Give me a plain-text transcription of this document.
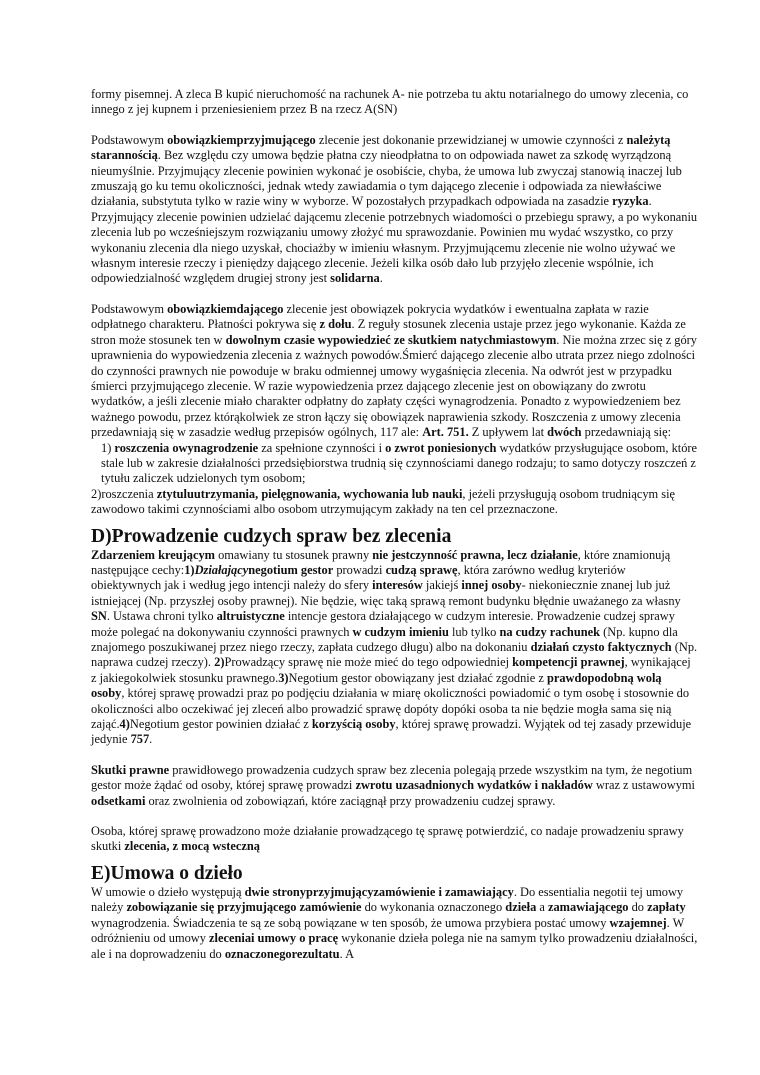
formy pisemnej. A zleca B kupić nieruchomość na rachunek A- nie potrzeba tu aktu notarialnego do umowy zlecenia, co innego z jej kupnem i przeniesieniem przez B na rzecz A(SN)

Podstawowym obowiązkiemprzyjmującego zlecenie jest dokonanie przewidzianej w umowie czynności z należytą starannością. Bez względu czy umowa będzie płatna czy nieodpłatna to on odpowiada nawet za szkodę wyrządzoną nieumyślnie. Przyjmujący zlecenie powinien wykonać je osobiście, chyba, że umowa lub zwyczaj stanowią inaczej lub zmuszają go ku temu okoliczności, jednak wtedy zawiadamia o tym dającego zlecenie i odpowiada za niewłaściwe działania, substytuta tylko w razie winy w wyborze. W pozostałych przypadkach odpowiada na zasadzie ryzyka. Przyjmujący zlecenie powinien udzielać dającemu zlecenie potrzebnych wiadomości o przebiegu sprawy, a po wykonaniu zlecenia lub po wcześniejszym rozwiązaniu umowy złożyć mu sprawozdanie. Powinien mu wydać wszystko, co przy wykonaniu zlecenia dla niego uzyskał, chociażby w imieniu własnym. Przyjmującemu zlecenie nie wolno używać we własnym interesie rzeczy i pieniędzy dającego zlecenie. Jeżeli kilka osób dało lub przyjęło zlecenie wspólnie, ich odpowiedzialność względem drugiej strony jest solidarna.

Podstawowym obowiązkiemdającego zlecenie jest obowiązek pokrycia wydatków i ewentualna zapłata w razie odpłatnego charakteru. Płatności pokrywa się z dołu. Z reguły stosunek zlecenia ustaje przez jego wykonanie. Każda ze stron może stosunek ten w dowolnym czasie wypowiedzieć ze skutkiem natychmiastowym. Nie można zrzec się z góry uprawnienia do wypowiedzenia zlecenia z ważnych powodów.Śmierć dającego zlecenie albo utrata przez niego zdolności do czynności prawnych nie powoduje w braku odmiennej umowy wygaśnięcia zlecenia. Na odwrót jest w przypadku śmierci przyjmującego zlecenie. W razie wypowiedzenia przez dającego zlecenie jest on obowiązany do zwrotu wydatków, a jeśli zlecenie miało charakter odpłatny do zapłaty części wynagrodzenia. Ponadto z wypowiedzeniem bez ważnego powodu, przez którąkolwiek ze stron łączy się obowiązek naprawienia szkody. Roszczenia z umowy zlecenia przedawniają się w zasadzie według przepisów ogólnych, 117 ale: Art. 751. Z upływem lat dwóch przedawniają się:

1) roszczenia owynagrodzenie za spełnione czynności i o zwrot poniesionych wydatków przysługujące osobom, które stale lub w zakresie działalności przedsiębiorstwa trudnią się czynnościami danego rodzaju; to samo dotyczy roszczeń z tytułu zaliczek udzielonych tym osobom;

2)roszczenia ztytuluutrzymania, pielęgnowania, wychowania lub nauki, jeżeli przysługują osobom trudniącym się zawodowo takimi czynnościami albo osobom utrzymującym zakłady na ten cel przeznaczone.

D)Prowadzenie cudzych spraw bez zlecenia

Zdarzeniem kreującym omawiany tu stosunek prawny nie jestczynność prawna, lecz działanie, które znamionują następujące cechy:1)Działającynegotium gestor prowadzi cudzą sprawę, która zarówno według kryteriów obiektywnych jak i według jego intencji należy do sfery interesów jakiejś innej osoby- niekoniecznie znanej lub już istniejącej (Np. przyszłej osoby prawnej). Nie będzie, więc taką sprawą remont budynku błędnie uważanego za własny SN. Ustawa chroni tylko altruistyczne intencje gestora działającego w cudzym interesie. Prowadzenie cudzej sprawy może polegać na dokonywaniu czynności prawnych w cudzym imieniu lub tylko na cudzy rachunek (Np. kupno dla znajomego poszukiwanej przez niego rzeczy, zapłata cudzego długu) albo na dokonaniu działań czysto faktycznych (Np. naprawa cudzej rzeczy). 2)Prowadzący sprawę nie może mieć do tego odpowiedniej kompetencji prawnej, wynikającej z jakiegokolwiek stosunku prawnego.3)Negotium gestor obowiązany jest działać zgodnie z prawdopodobną wolą osoby, której sprawę prowadzi praz po podjęciu działania w miarę okoliczności powiadomić o tym osobę i stosownie do okoliczności albo oczekiwać jej zleceń albo prowadzić sprawę dopóty dopóki osoba ta nie będzie mogła sama się nią zająć.4)Negotium gestor powinien działać z korzyścią osoby, której sprawę prowadzi. Wyjątek od tej zasady przewiduje jedynie 757.

Skutki prawne prawidłowego prowadzenia cudzych spraw bez zlecenia polegają przede wszystkim na tym, że negotium gestor może żądać od osoby, której sprawę prowadzi zwrotu uzasadnionych wydatków i nakładów wraz z ustawowymi odsetkami oraz zwolnienia od zobowiązań, które zaciągnął przy prowadzeniu cudzej sprawy.

Osoba, której sprawę prowadzono może działanie prowadzącego tę sprawę potwierdzić, co nadaje prowadzeniu sprawy skutki zlecenia, z mocą wsteczną

E)Umowa o dzieło

W umowie o dzieło występują dwie stronyprzyjmującyzamówienie i zamawiający. Do essentialia negotii tej umowy należy zobowiązanie się przyjmującego zamówienie do wykonania oznaczonego dzieła a zamawiającego do zapłaty wynagrodzenia. Świadczenia te są ze sobą powiązane w ten sposób, że umowa przybiera postać umowy wzajemnej. W odróżnieniu od umowy zleceniai umowy o pracę wykonanie dzieła polega nie na samym tylko prowadzeniu działalności, ale i na doprowadzeniu do oznaczonegorezultatu. A
